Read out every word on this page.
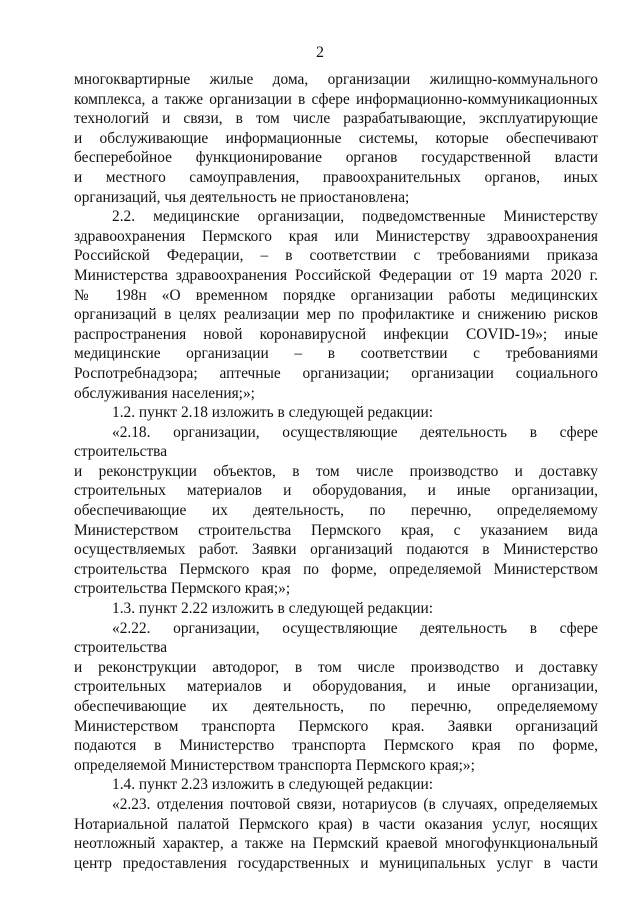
2

многоквартирные жилые дома, организации жилищно-коммунального

комплекса, а также организации в сфере информационно-коммуникационных

технологий и связи, в том числе разрабатывающие, эксплуатирующие

и обслуживающие информационные системы, которые обеспечивают

бесперебойное функционирование органов государственной власти

и местного самоуправления, правоохранительных органов, иных

организаций, чья деятельность не приостановлена;

2.2. медицинские организации, подведомственные Министерству

здравоохранения Пермского края или Министерству здравоохранения

Российской Федерации, – в соответствии с требованиями приказа

Министерства здравоохранения Российской Федерации от 19 марта 2020 г.

№ 198н «О временном порядке организации работы медицинских

организаций в целях реализации мер по профилактике и снижению рисков

распространения новой коронавирусной инфекции COVID-19»; иные

медицинские организации – в соответствии с требованиями

Роспотребнадзора; аптечные организации; организации социального

обслуживания населения;»;

1.2. пункт 2.18 изложить в следующей редакции:

«2.18. организации, осуществляющие деятельность в сфере строительства

и реконструкции объектов, в том числе производство и доставку

строительных материалов и оборудования, и иные организации,

обеспечивающие их деятельность, по перечню, определяемому

Министерством строительства Пермского края, с указанием вида

осуществляемых работ. Заявки организаций подаются в Министерство

строительства Пермского края по форме, определяемой Министерством

строительства Пермского края;»;

1.3. пункт 2.22 изложить в следующей редакции:

«2.22. организации, осуществляющие деятельность в сфере строительства

и реконструкции автодорог, в том числе производство и доставку

строительных материалов и оборудования, и иные организации,

обеспечивающие их деятельность, по перечню, определяемому

Министерством транспорта Пермского края. Заявки организаций

подаются в Министерство транспорта Пермского края по форме,

определяемой Министерством транспорта Пермского края;»;

1.4. пункт 2.23 изложить в следующей редакции:

«2.23. отделения почтовой связи, нотариусов (в случаях, определяемых

Нотариальной палатой Пермского края) в части оказания услуг, носящих

неотложный характер, а также на Пермский краевой многофункциональный

центр предоставления государственных и муниципальных услуг в части
